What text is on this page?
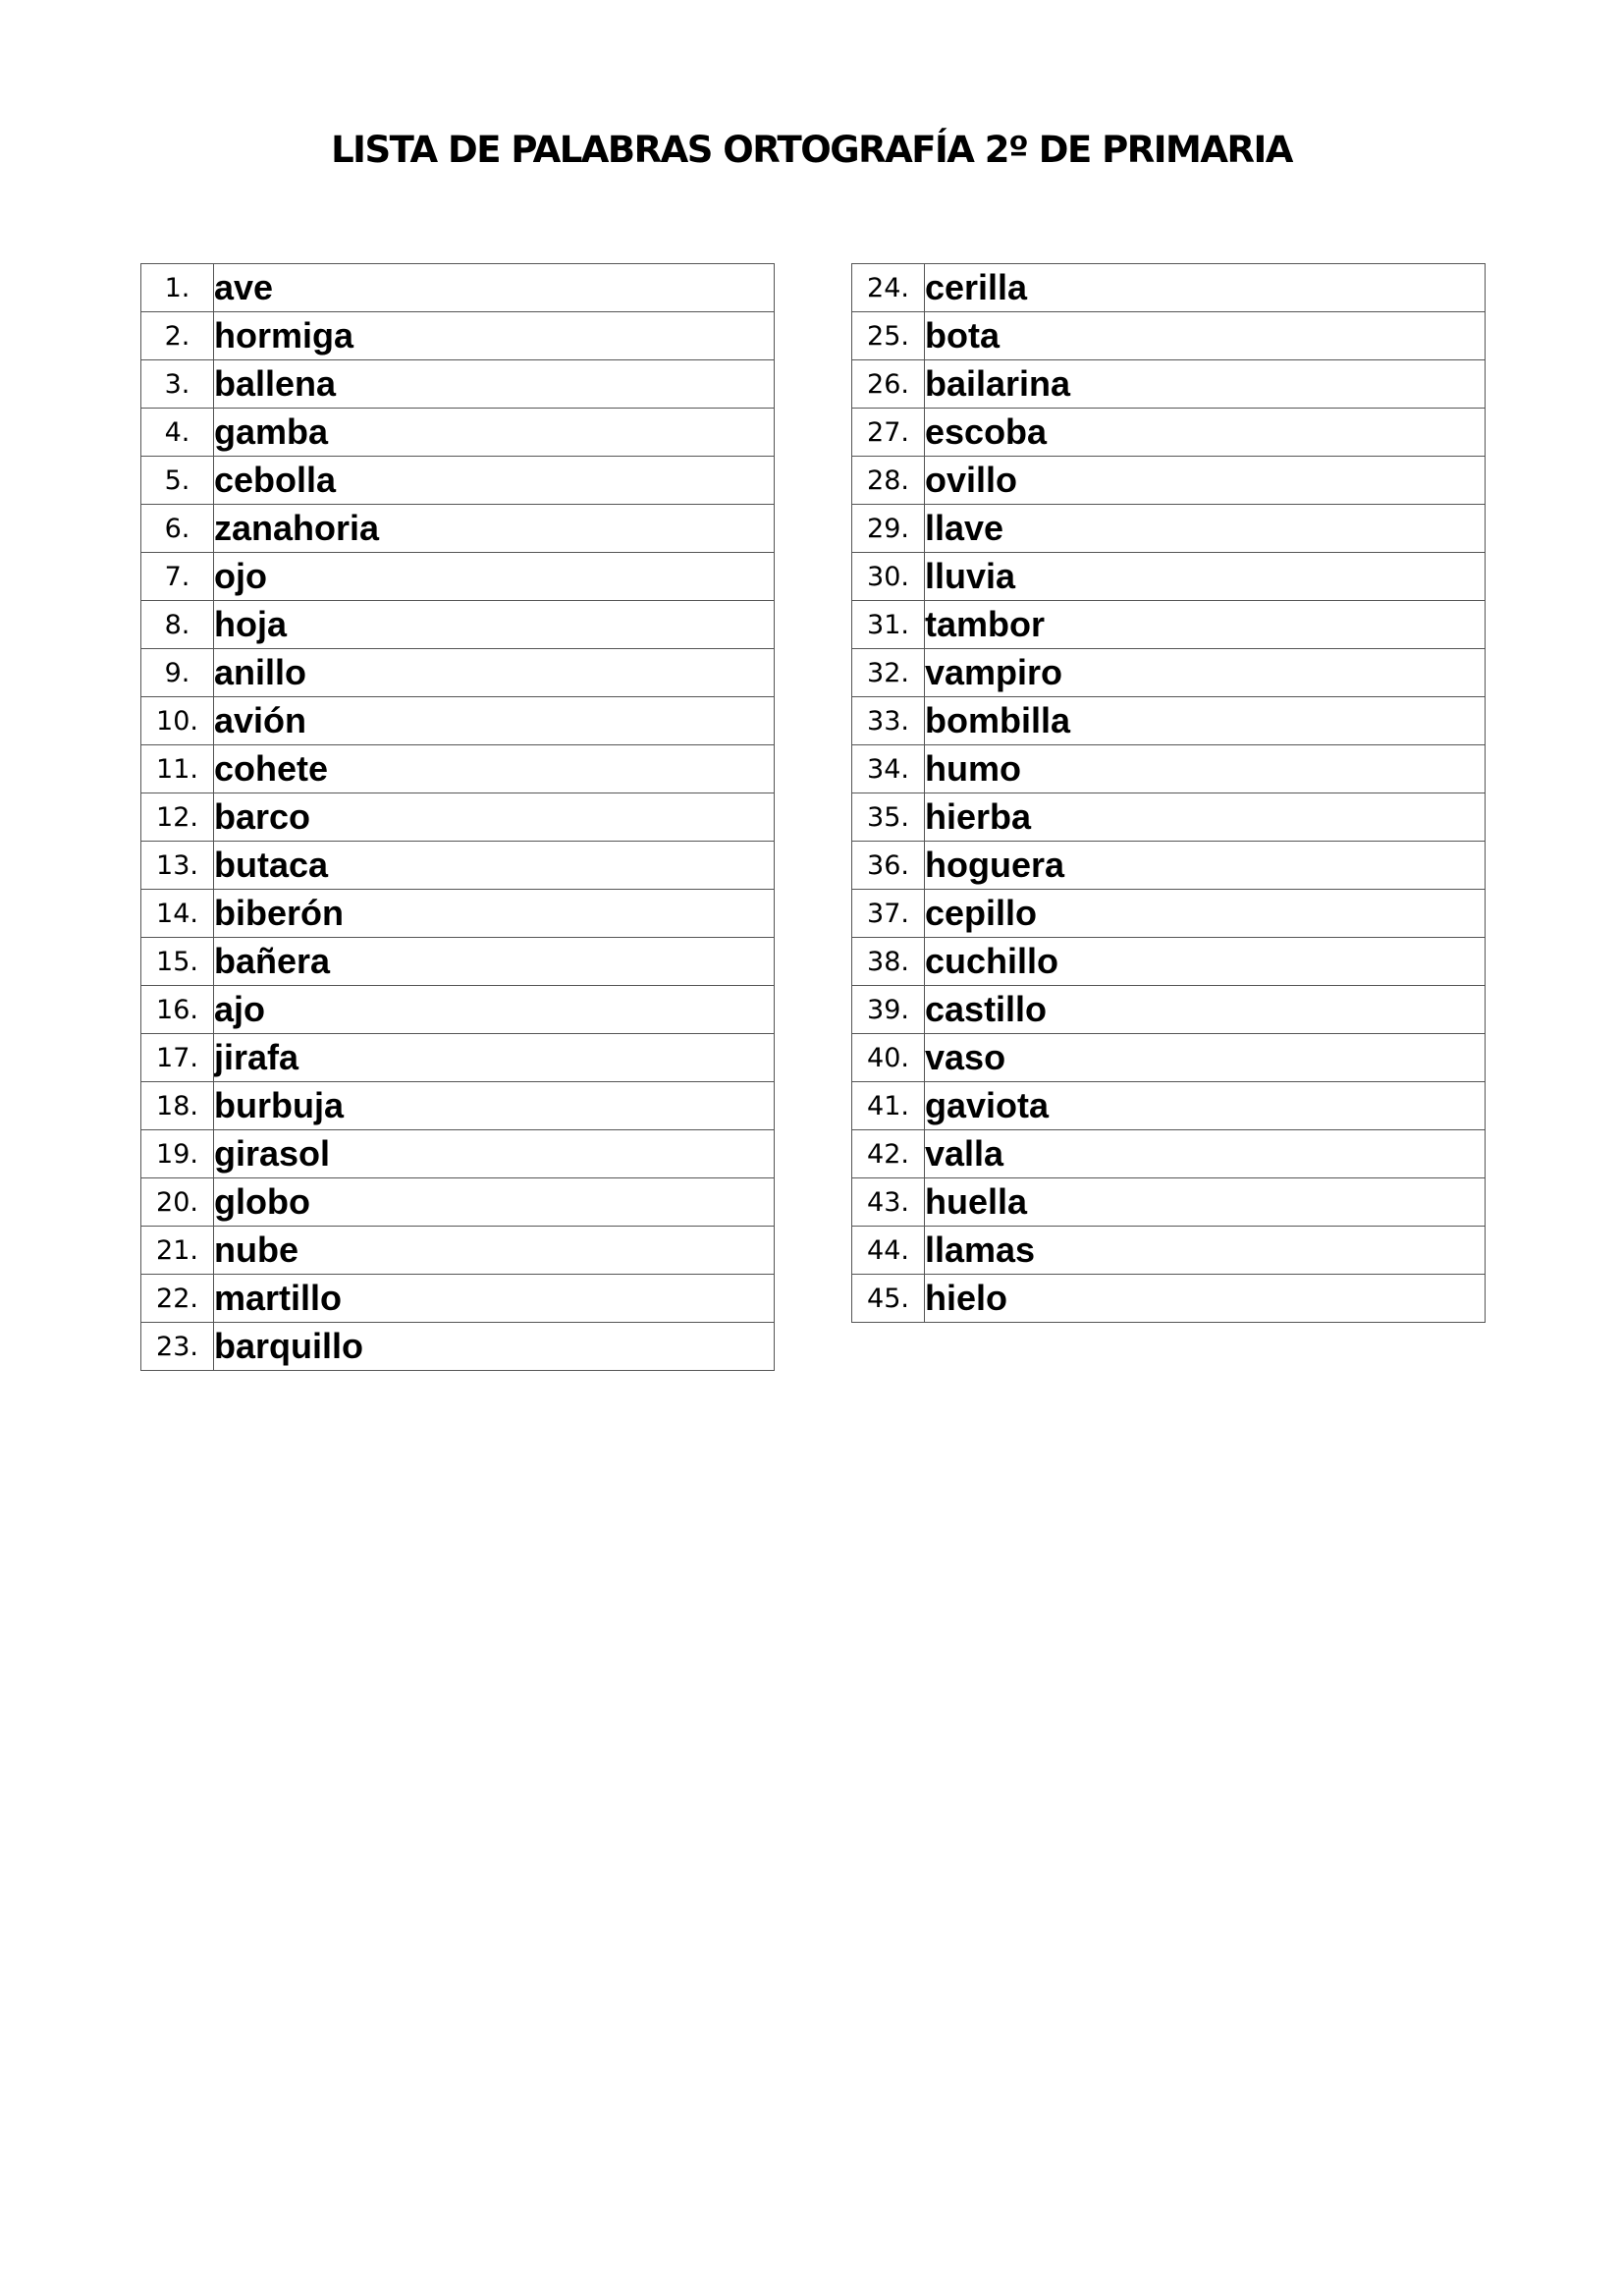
LISTA DE PALABRAS ORTOGRAFÍA 2º DE PRIMARIA
1.	ave
2.	hormiga
3.	ballena
4.	gamba
5.	cebolla
6.	zanahoria
7.	ojo
8.	hoja
9.	anillo
10.	avión
11.	cohete
12.	barco
13.	butaca
14.	biberón
15.	bañera
16.	ajo
17.	jirafa
18.	burbuja
19.	girasol
20.	globo
21.	nube
22.	martillo
23.	barquillo
24.	cerilla
25.	bota
26.	bailarina
27.	escoba
28.	ovillo
29.	llave
30.	lluvia
31.	tambor
32.	vampiro
33.	bombilla
34.	humo
35.	hierba
36.	hoguera
37.	cepillo
38.	cuchillo
39.	castillo
40.	vaso
41.	gaviota
42.	valla
43.	huella
44.	llamas
45.	hielo
